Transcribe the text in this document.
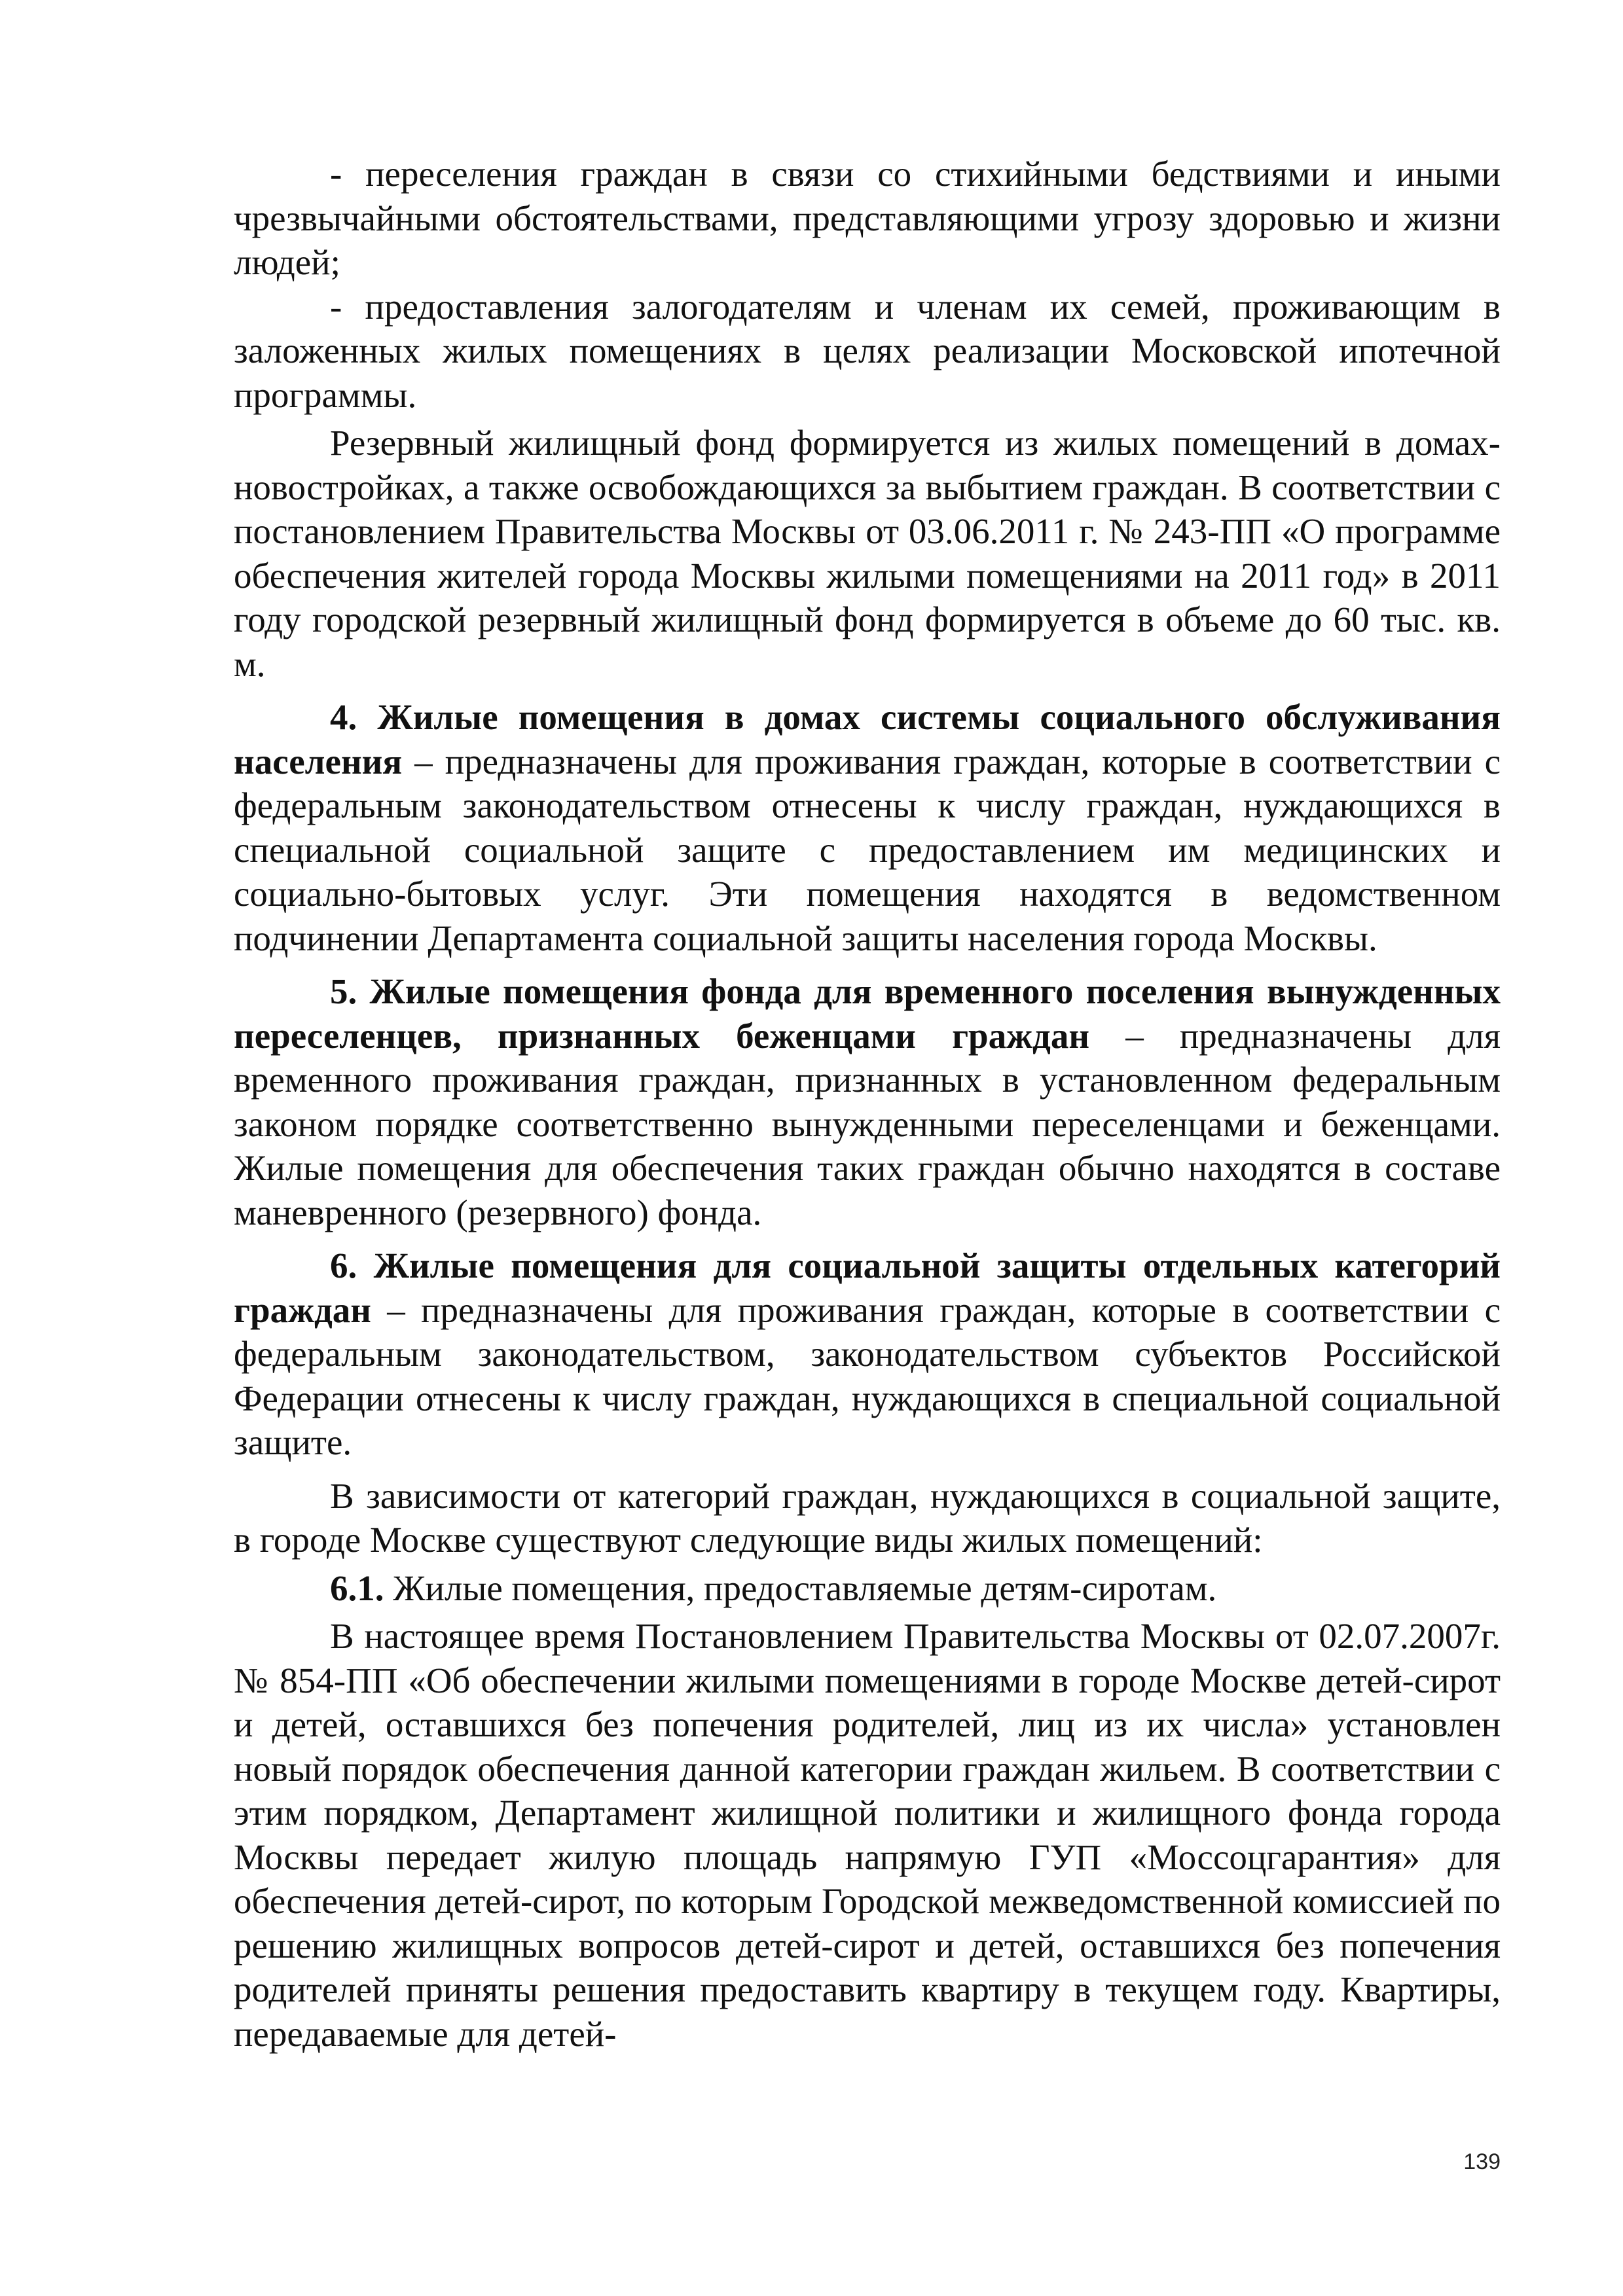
- переселения граждан в связи со стихийными бедствиями и иными чрезвычайными обстоятельствами, представляющими угрозу здоровью и жизни людей;

- предоставления залогодателям и членам их семей, проживающим в заложенных жилых помещениях в целях реализации Московской ипотечной программы.

Резервный жилищный фонд формируется из жилых помещений в домах-новостройках, а также освобождающихся за выбытием граждан. В соответствии с постановлением Правительства Москвы от 03.06.2011 г. № 243-ПП «О программе обеспечения жителей города Москвы жилыми помещениями на 2011 год» в 2011 году городской резервный жилищный фонд формируется в объеме до 60 тыс. кв. м.

4. Жилые помещения в домах системы социального обслуживания населения – предназначены для проживания граждан, которые в соответствии с федеральным законодательством отнесены к числу граждан, нуждающихся в специальной социальной защите с предоставлением им медицинских и социально-бытовых услуг. Эти помещения находятся в ведомственном подчинении Департамента социальной защиты населения города Москвы.

5. Жилые помещения фонда для временного поселения вынужденных переселенцев, признанных беженцами граждан – предназначены для временного проживания граждан, признанных в установленном федеральным законом порядке соответственно вынужденными переселенцами и беженцами. Жилые помещения для обеспечения таких граждан обычно находятся в составе маневренного (резервного) фонда.

6. Жилые помещения для социальной защиты отдельных категорий граждан – предназначены для проживания граждан, которые в соответствии с федеральным законодательством, законодательством субъектов Российской Федерации отнесены к числу граждан, нуждающихся в специальной социальной защите.

В зависимости от категорий граждан, нуждающихся в социальной защите, в городе Москве существуют следующие виды жилых помещений:

6.1. Жилые помещения, предоставляемые детям-сиротам.

В настоящее время Постановлением Правительства Москвы от 02.07.2007г. № 854-ПП «Об обеспечении жилыми помещениями в городе Москве детей-сирот и детей, оставшихся без попечения родителей, лиц из их числа» установлен новый порядок обеспечения данной категории граждан жильем. В соответствии с этим порядком, Департамент жилищной политики и жилищного фонда города Москвы передает жилую площадь напрямую ГУП «Моссоцгарантия» для обеспечения детей-сирот, по которым Городской межведомственной комиссией по решению жилищных вопросов детей-сирот и детей, оставшихся без попечения родителей приняты решения предоставить квартиру в текущем году. Квартиры, передаваемые для детей-

139
